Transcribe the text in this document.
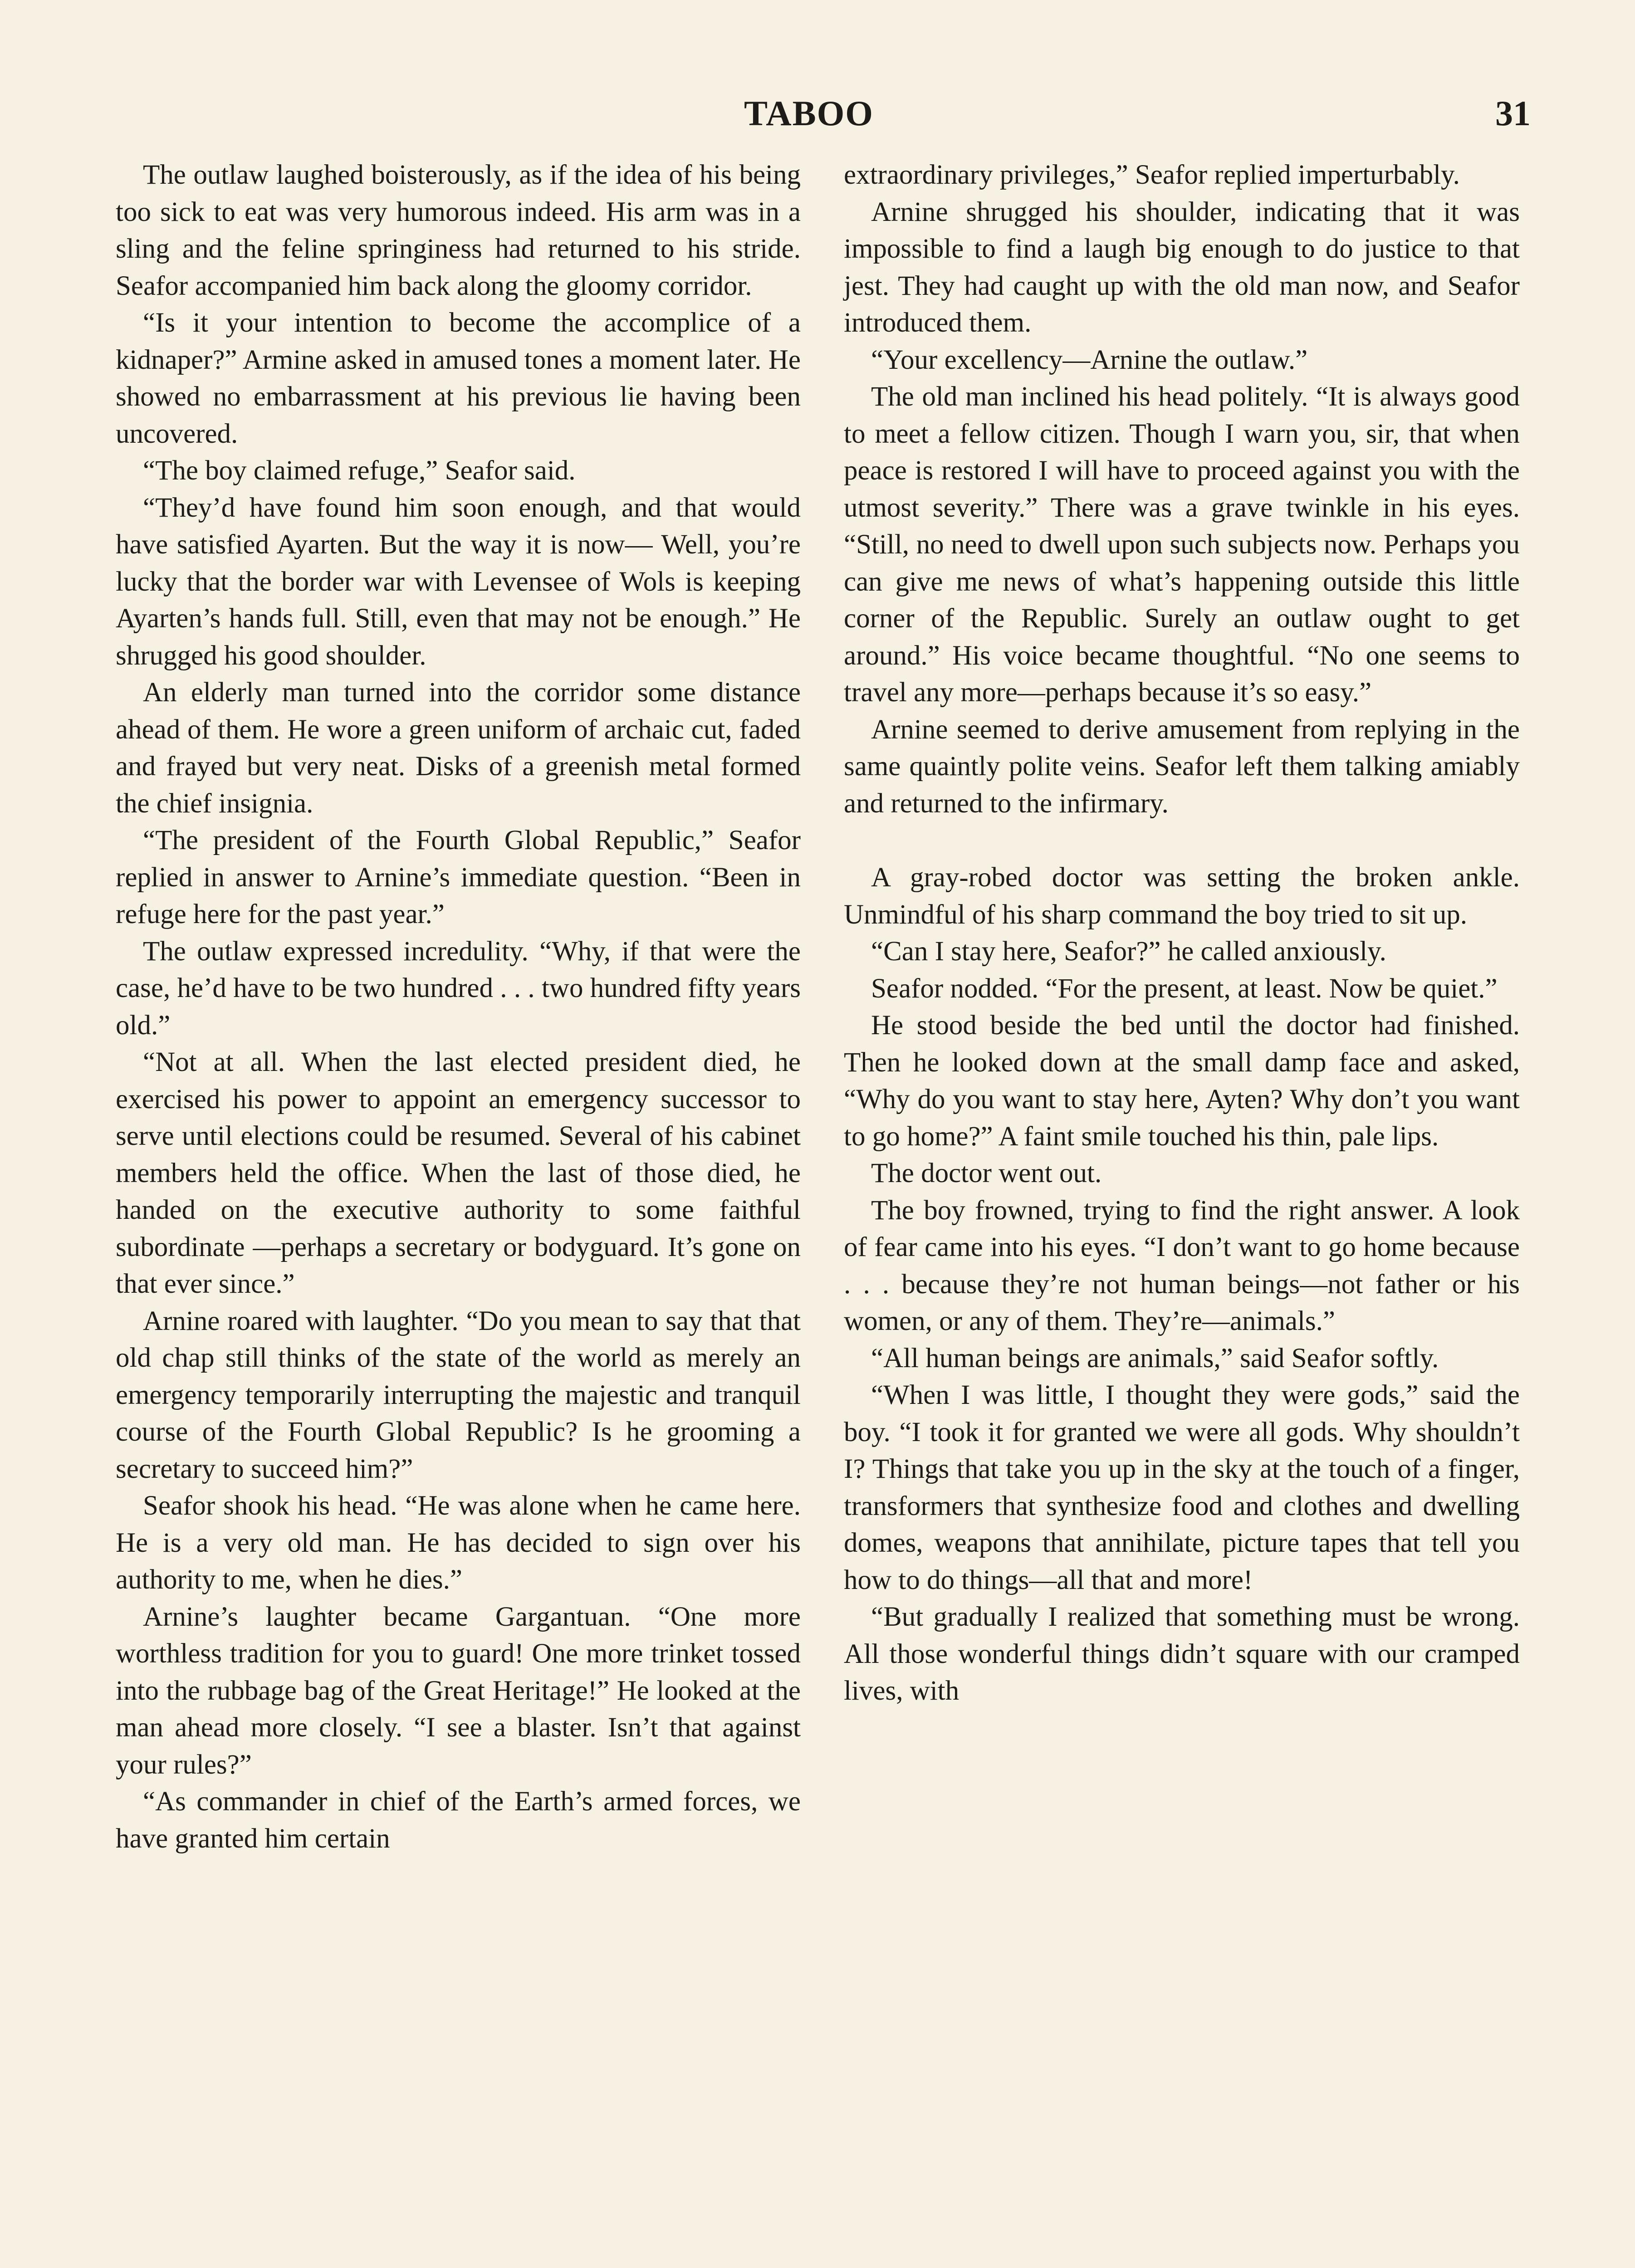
TABOO	31

The outlaw laughed boisterously, as if the idea of his being too sick to eat was very humorous indeed. His arm was in a sling and the feline springiness had returned to his stride. Seafor accompanied him back along the gloomy corridor.

“Is it your intention to become the accomplice of a kidnaper?” Armine asked in amused tones a moment later. He showed no embarrassment at his previous lie having been uncovered.

“The boy claimed refuge,” Seafor said.

“They’d have found him soon enough, and that would have satisfied Ayarten. But the way it is now— Well, you’re lucky that the border war with Levensee of Wols is keeping Ayarten’s hands full. Still, even that may not be enough.” He shrugged his good shoulder.

An elderly man turned into the corridor some distance ahead of them. He wore a green uniform of archaic cut, faded and frayed but very neat. Disks of a greenish metal formed the chief insignia.

“The president of the Fourth Global Republic,” Seafor replied in answer to Arnine’s immediate question. “Been in refuge here for the past year.”

The outlaw expressed incredulity. “Why, if that were the case, he’d have to be two hundred . . . two hundred fifty years old.”

“Not at all. When the last elected president died, he exercised his power to appoint an emergency successor to serve until elections could be resumed. Several of his cabinet members held the office. When the last of those died, he handed on the executive authority to some faithful subordinate —perhaps a secretary or bodyguard. It’s gone on that ever since.”

Arnine roared with laughter. “Do you mean to say that that old chap still thinks of the state of the world as merely an emergency temporarily interrupting the majestic and tranquil course of the Fourth Global Republic? Is he grooming a secretary to succeed him?”

Seafor shook his head. “He was alone when he came here. He is a very old man. He has decided to sign over his authority to me, when he dies.”

Arnine’s laughter became Gargantuan. “One more worthless tradition for you to guard! One more trinket tossed into the rubbage bag of the Great Heritage!” He looked at the man ahead more closely. “I see a blaster. Isn’t that against your rules?”

“As commander in chief of the Earth’s armed forces, we have granted him certain

extraordinary privileges,” Seafor replied imperturbably.

Arnine shrugged his shoulder, indicating that it was impossible to find a laugh big enough to do justice to that jest. They had caught up with the old man now, and Seafor introduced them.

“Your excellency—Arnine the outlaw.”

The old man inclined his head politely. “It is always good to meet a fellow citizen. Though I warn you, sir, that when peace is restored I will have to proceed against you with the utmost severity.” There was a grave twinkle in his eyes. “Still, no need to dwell upon such subjects now. Perhaps you can give me news of what’s happening outside this little corner of the Republic. Surely an outlaw ought to get around.” His voice became thoughtful. “No one seems to travel any more—perhaps because it’s so easy.”

Arnine seemed to derive amusement from replying in the same quaintly polite veins. Seafor left them talking amiably and returned to the infirmary.

A gray-robed doctor was setting the broken ankle. Unmindful of his sharp command the boy tried to sit up.

“Can I stay here, Seafor?” he called anxiously.

Seafor nodded. “For the present, at least. Now be quiet.”

He stood beside the bed until the doctor had finished. Then he looked down at the small damp face and asked, “Why do you want to stay here, Ayten? Why don’t you want to go home?” A faint smile touched his thin, pale lips.

The doctor went out.

The boy frowned, trying to find the right answer. A look of fear came into his eyes. “I don’t want to go home because . . . because they’re not human beings—not father or his women, or any of them. They’re—animals.”

“All human beings are animals,” said Seafor softly.

“When I was little, I thought they were gods,” said the boy. “I took it for granted we were all gods. Why shouldn’t I? Things that take you up in the sky at the touch of a finger, transformers that synthesize food and clothes and dwelling domes, weapons that annihilate, picture tapes that tell you how to do things—all that and more!

“But gradually I realized that something must be wrong. All those wonderful things didn’t square with our cramped lives, with
